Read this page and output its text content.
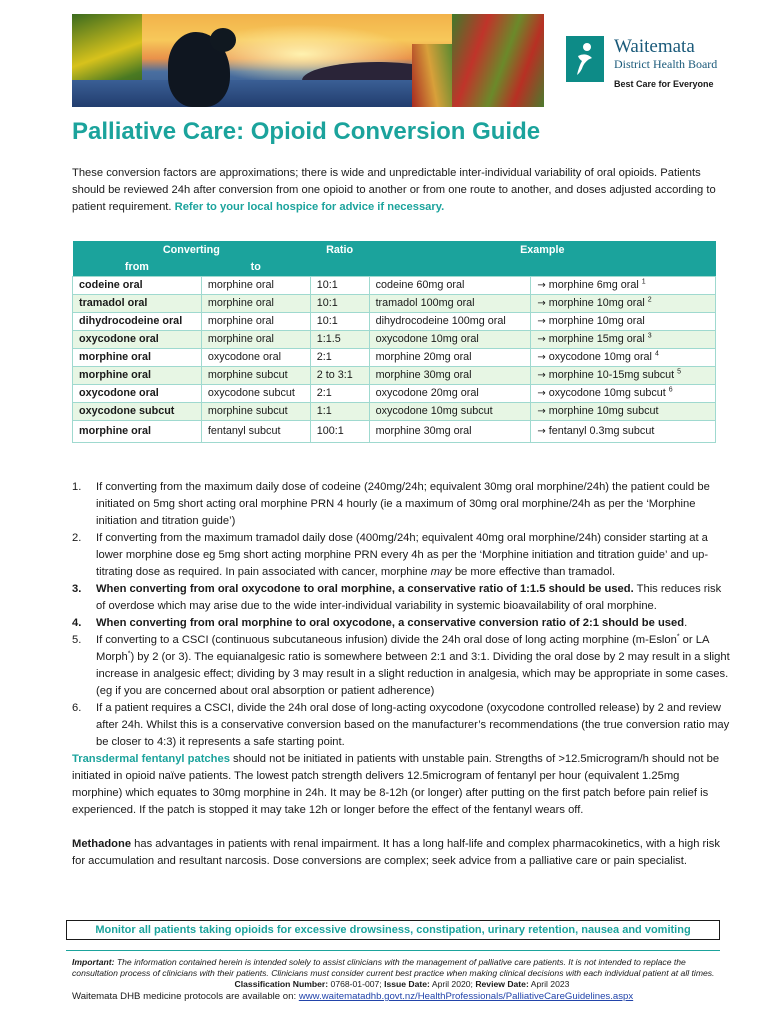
Waitemata
District Health Board
Best Care for Everyone
Palliative Care: Opioid Conversion Guide

These conversion factors are approximations; there is wide and unpredictable inter-individual variability of oral opioids. Patients should be reviewed 24h after conversion from one opioid to another or from one route to another, and doses adjusted according to patient requirement. Refer to your local hospice for advice if necessary.

Converting		Ratio	Example	
from	to			
codeine oral	morphine oral	10:1	codeine 60mg oral	→ morphine 6mg oral $^1$
tramadol oral	morphine oral	10:1	tramadol 100mg oral	→ morphine 10mg oral $^2$
dihydrocodeine oral	morphine oral	10:1	dihydrocodeine 100mg oral	→ morphine 10mg oral
oxycodone oral	morphine oral	1:1.5	oxycodone 10mg oral	→ morphine 15mg oral $^3$
morphine oral	oxycodone oral	2:1	morphine 20mg oral	→ oxycodone 10mg oral $^4$
morphine oral	morphine subcut	2 to 3:1	morphine 30mg oral	→ morphine 10-15mg subcut $^5$
oxycodone oral	oxycodone subcut	2:1	oxycodone 20mg oral	→ oxycodone 10mg subcut $^6$
oxycodone subcut	morphine subcut	1:1	oxycodone 10mg subcut	→ morphine 10mg subcut
morphine oral	fentanyl subcut	100:1	morphine 30mg oral	→ fentanyl 0.3mg subcut
1. If converting from the maximum daily dose of codeine (240mg/24h; equivalent 30mg oral morphine/24h) the patient could be initiated on 5mg short acting oral morphine PRN 4 hourly (ie a maximum of 30mg oral morphine/24h as per the ‘Morphine initiation and titration guide’)
2. If converting from the maximum tramadol daily dose (400mg/24h; equivalent 40mg oral morphine/24h) consider starting at a lower morphine dose eg 5mg short acting morphine PRN every 4h as per the ‘Morphine initiation and titration guide’ and up-titrating dose as required. In pain associated with cancer, morphine may be more effective than tramadol.
3. When converting from oral oxycodone to oral morphine, a conservative ratio of 1:1.5 should be used. This reduces risk of overdose which may arise due to the wide inter-individual variability in systemic bioavailability of oral morphine.
4. When converting from oral morphine to oral oxycodone, a conservative conversion ratio of 2:1 should be used.
5. If converting to a CSCI (continuous subcutaneous infusion) divide the 24h oral dose of long acting morphine (m-Eslon* or LA Morph*) by 2 (or 3). The equianalgesic ratio is somewhere between 2:1 and 3:1. Dividing the oral dose by 2 may result in a slight increase in analgesic effect; dividing by 3 may result in a slight reduction in analgesia, which may be appropriate in some cases. (eg if you are concerned about oral absorption or patient adherence)
6. If a patient requires a CSCI, divide the 24h oral dose of long-acting oxycodone (oxycodone controlled release) by 2 and review after 24h. Whilst this is a conservative conversion based on the manufacturer’s recommendations (the true conversion ratio may be closer to 4:3) it represents a safe starting point.

Transdermal fentanyl patches should not be initiated in patients with unstable pain. Strengths of >12.5microgram/h should not be initiated in opioid naïve patients. The lowest patch strength delivers 12.5microgram of fentanyl per hour (equivalent 1.25mg morphine) which equates to 30mg morphine in 24h. It may be 8-12h (or longer) after putting on the first patch before pain relief is experienced. If the patch is stopped it may take 12h or longer before the effect of the fentanyl wears off.

Methadone has advantages in patients with renal impairment. It has a long half-life and complex pharmacokinetics, with a high risk for accumulation and resultant narcosis. Dose conversions are complex; seek advice from a palliative care or pain specialist.

Monitor all patients taking opioids for excessive drowsiness, constipation, urinary retention, nausea and vomiting

Important: The information contained herein is intended solely to assist clinicians with the management of palliative care patients. It is not intended to replace the consultation process of clinicians with their patients. Clinicians must consider current best practice when making clinical decisions with each individual patient at all times.

Classification Number: 0768-01-007; Issue Date: April 2020; Review Date: April 2023

Waitemata DHB medicine protocols are available on: www.waitematadhb.govt.nz/HealthProfessionals/PalliativeCareGuidelines.aspx
